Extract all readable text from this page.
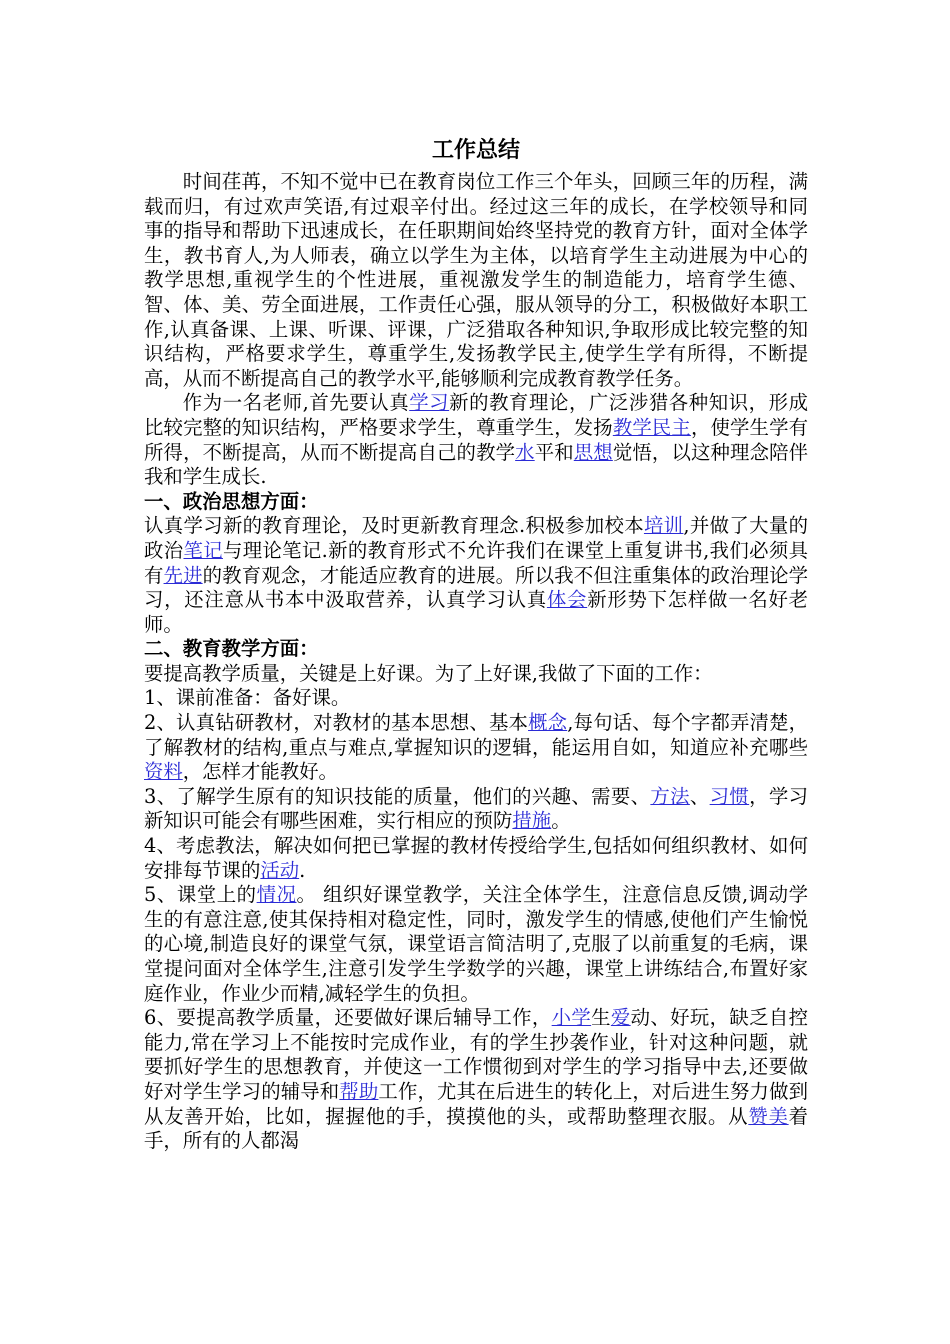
工作总结

时间荏苒，不知不觉中已在教育岗位工作三个年头，回顾三年的历程，满载而归，有过欢声笑语,有过艰辛付出。经过这三年的成长，在学校领导和同事的指导和帮助下迅速成长，在任职期间始终坚持党的教育方针，面对全体学生，教书育人,为人师表，确立以学生为主体，以培育学生主动进展为中心的教学思想,重视学生的个性进展，重视激发学生的制造能力，培育学生德、智、体、美、劳全面进展，工作责任心强，服从领导的分工，积极做好本职工作,认真备课、上课、听课、评课，广泛猎取各种知识,争取形成比较完整的知识结构，严格要求学生，尊重学生,发扬教学民主,使学生学有所得，不断提高，从而不断提高自己的教学水平,能够顺利完成教育教学任务。

作为一名老师,首先要认真学习新的教育理论，广泛涉猎各种知识，形成比较完整的知识结构，严格要求学生，尊重学生，发扬教学民主，使学生学有所得，不断提高，从而不断提高自己的教学水平和思想觉悟，以这种理念陪伴我和学生成长.

一、政治思想方面：

认真学习新的教育理论，及时更新教育理念.积极参加校本培训,并做了大量的政治笔记与理论笔记.新的教育形式不允许我们在课堂上重复讲书,我们必须具有先进的教育观念，才能适应教育的进展。所以我不但注重集体的政治理论学习，还注意从书本中汲取营养，认真学习认真体会新形势下怎样做一名好老师。

二、教育教学方面：

要提高教学质量，关键是上好课。为了上好课,我做了下面的工作：

1、课前准备：备好课。

2、认真钻研教材，对教材的基本思想、基本概念,每句话、每个字都弄清楚，了解教材的结构,重点与难点,掌握知识的逻辑，能运用自如，知道应补充哪些资料，怎样才能教好。

3、了解学生原有的知识技能的质量，他们的兴趣、需要、方法、习惯，学习新知识可能会有哪些困难，实行相应的预防措施。

4、考虑教法，解决如何把已掌握的教材传授给学生,包括如何组织教材、如何安排每节课的活动.

5、课堂上的情况。 组织好课堂教学，关注全体学生，注意信息反馈,调动学生的有意注意,使其保持相对稳定性，同时，激发学生的情感,使他们产生愉悦的心境,制造良好的课堂气氛，课堂语言简洁明了,克服了以前重复的毛病，课堂提问面对全体学生,注意引发学生学数学的兴趣，课堂上讲练结合,布置好家庭作业，作业少而精,减轻学生的负担。

6、要提高教学质量，还要做好课后辅导工作，小学生爱动、好玩，缺乏自控能力,常在学习上不能按时完成作业，有的学生抄袭作业，针对这种问题，就要抓好学生的思想教育，并使这一工作惯彻到对学生的学习指导中去,还要做好对学生学习的辅导和帮助工作，尤其在后进生的转化上，对后进生努力做到从友善开始，比如，握握他的手，摸摸他的头，或帮助整理衣服。从赞美着手，所有的人都渴
